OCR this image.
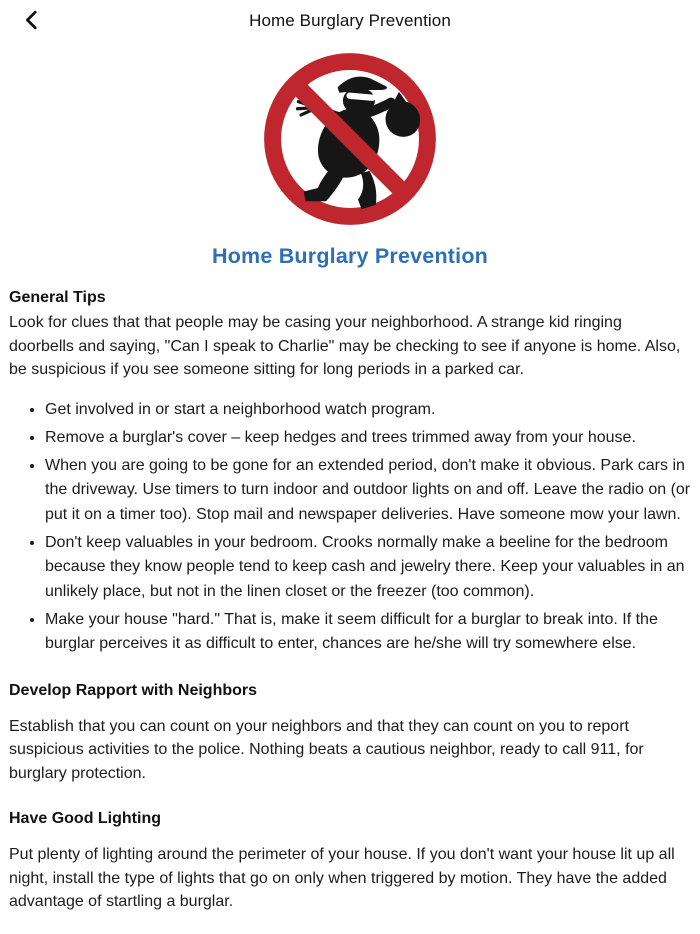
Home Burglary Prevention
Home Burglary Prevention
General Tips

Look for clues that that people may be casing your neighborhood. A strange kid ringing doorbells and saying, "Can I speak to Charlie" may be checking to see if anyone is home. Also, be suspicious if you see someone sitting for long periods in a parked car.

• Get involved in or start a neighborhood watch program.
• Remove a burglar's cover – keep hedges and trees trimmed away from your house.
• When you are going to be gone for an extended period, don't make it obvious. Park cars in the driveway. Use timers to turn indoor and outdoor lights on and off. Leave the radio on (or put it on a timer too). Stop mail and newspaper deliveries. Have someone mow your lawn.
• Don't keep valuables in your bedroom. Crooks normally make a beeline for the bedroom because they know people tend to keep cash and jewelry there. Keep your valuables in an unlikely place, but not in the linen closet or the freezer (too common).
• Make your house "hard." That is, make it seem difficult for a burglar to break into. If the burglar perceives it as difficult to enter, chances are he/she will try somewhere else.
Develop Rapport with Neighbors

Establish that you can count on your neighbors and that they can count on you to report suspicious activities to the police. Nothing beats a cautious neighbor, ready to call 911, for burglary protection.

Have Good Lighting

Put plenty of lighting around the perimeter of your house. If you don't want your house lit up all night, install the type of lights that go on only when triggered by motion. They have the added advantage of startling a burglar.
